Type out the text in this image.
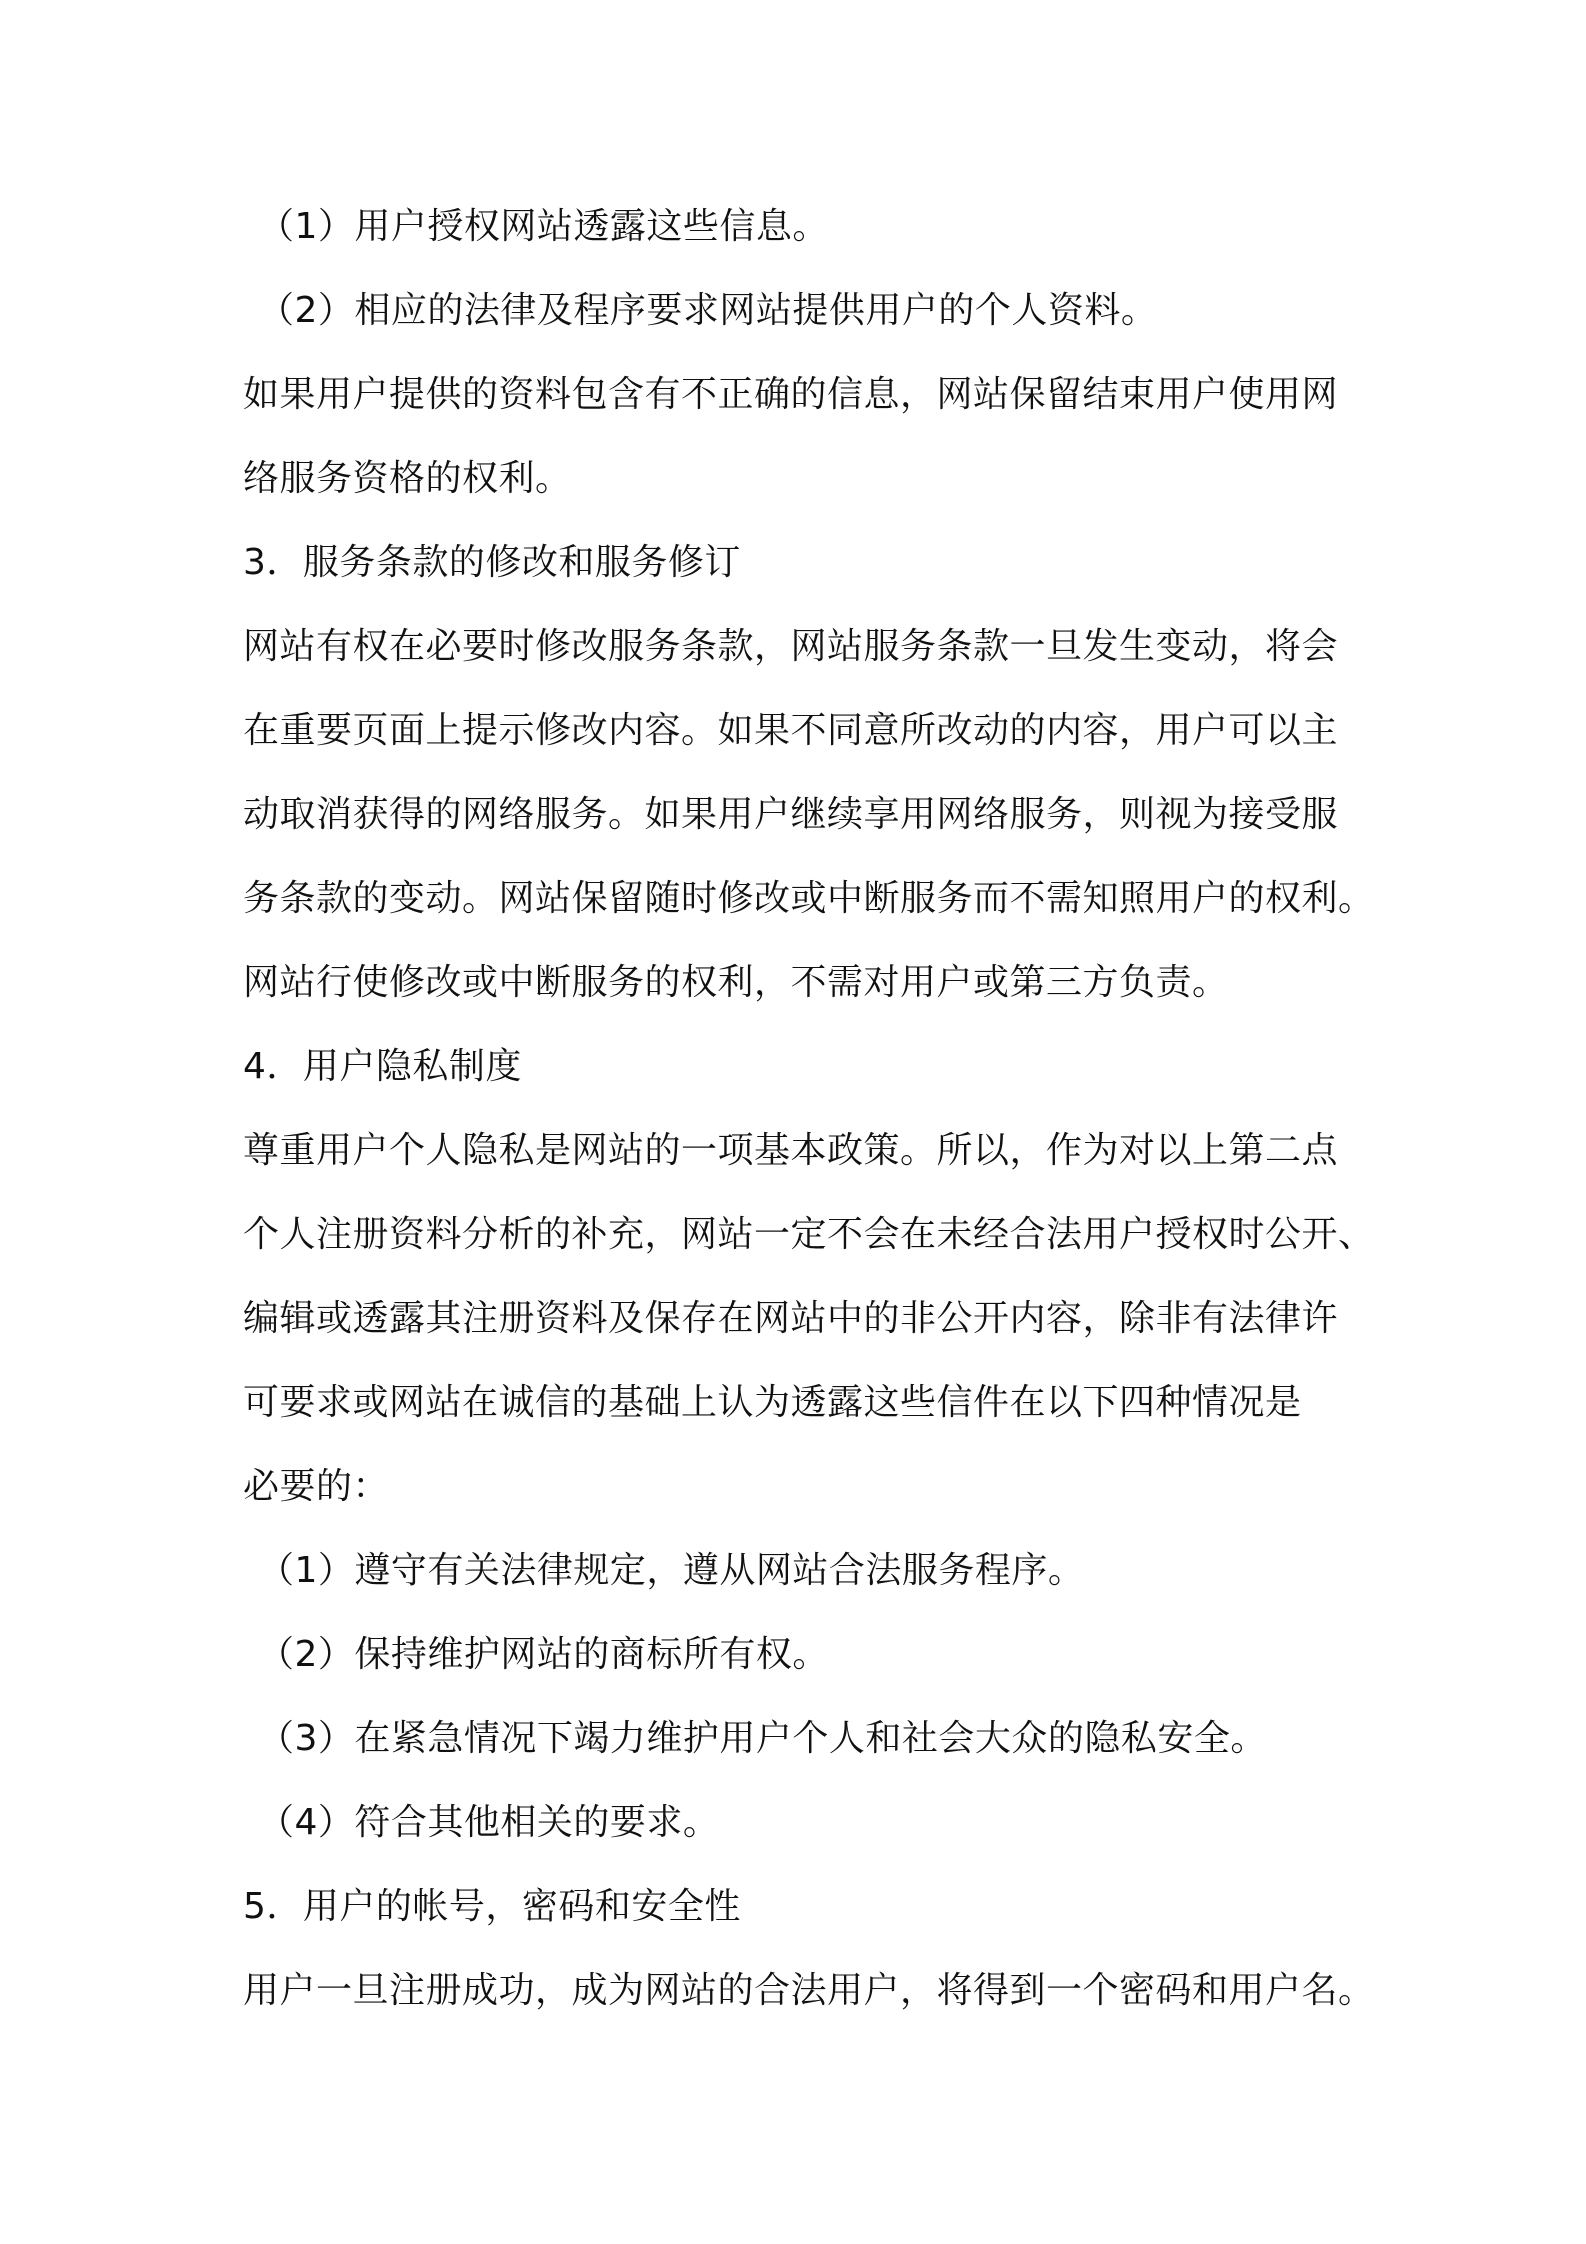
（1）用户授权网站透露这些信息。
（2）相应的法律及程序要求网站提供用户的个人资料。
如果用户提供的资料包含有不正确的信息，网站保留结束用户使用网
络服务资格的权利。
3．服务条款的修改和服务修订
网站有权在必要时修改服务条款，网站服务条款一旦发生变动，将会
在重要页面上提示修改内容。如果不同意所改动的内容，用户可以主
动取消获得的网络服务。如果用户继续享用网络服务，则视为接受服
务条款的变动。网站保留随时修改或中断服务而不需知照用户的权利。
网站行使修改或中断服务的权利，不需对用户或第三方负责。
4．用户隐私制度
尊重用户个人隐私是网站的一项基本政策。所以，作为对以上第二点
个人注册资料分析的补充，网站一定不会在未经合法用户授权时公开、
编辑或透露其注册资料及保存在网站中的非公开内容，除非有法律许
可要求或网站在诚信的基础上认为透露这些信件在以下四种情况是
必要的：
（1）遵守有关法律规定，遵从网站合法服务程序。
（2）保持维护网站的商标所有权。
（3）在紧急情况下竭力维护用户个人和社会大众的隐私安全。
（4）符合其他相关的要求。
5．用户的帐号，密码和安全性
用户一旦注册成功，成为网站的合法用户，将得到一个密码和用户名。
